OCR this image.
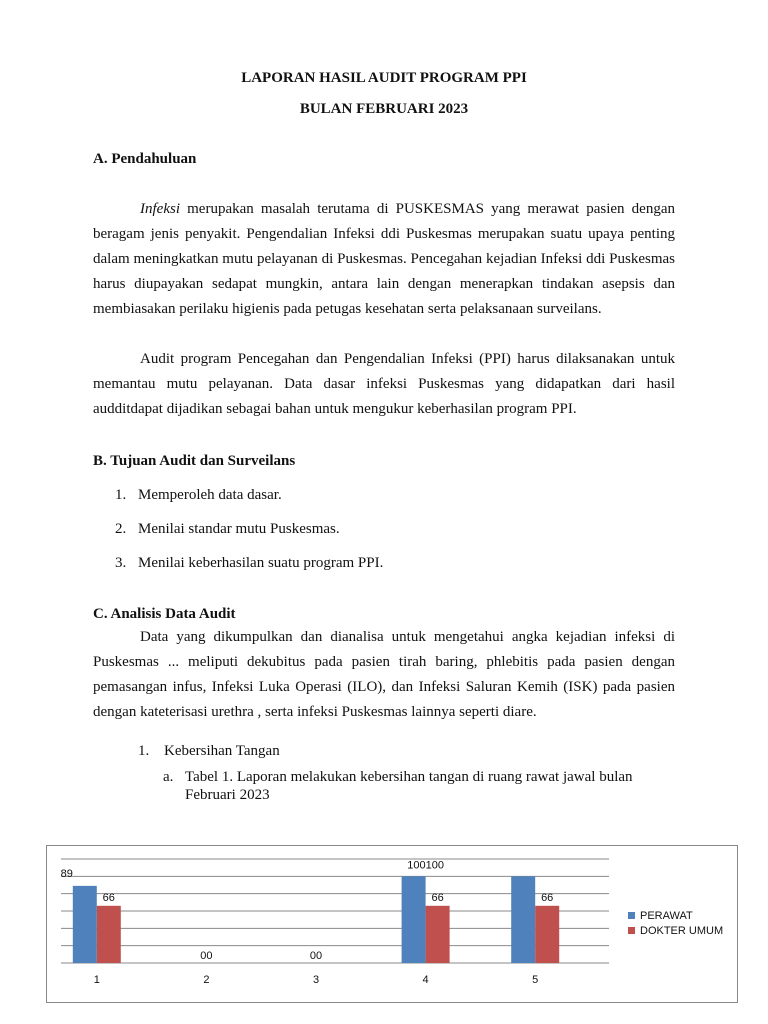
LAPORAN HASIL AUDIT PROGRAM PPI
BULAN FEBRUARI 2023
A. Pendahuluan

Infeksi merupakan masalah terutama di PUSKESMAS yang merawat pasien dengan beragam jenis penyakit. Pengendalian Infeksi ddi Puskesmas merupakan suatu upaya penting dalam meningkatkan mutu pelayanan di Puskesmas. Pencegahan kejadian Infeksi ddi Puskesmas harus diupayakan sedapat mungkin, antara lain dengan menerapkan tindakan asepsis dan membiasakan perilaku higienis pada petugas kesehatan serta pelaksanaan surveilans.

Audit program Pencegahan dan Pengendalian Infeksi (PPI) harus dilaksanakan untuk memantau mutu pelayanan. Data dasar infeksi Puskesmas yang didapatkan dari hasil audditdapat dijadikan sebagai bahan untuk mengukur keberhasilan program PPI.

B. Tujuan Audit dan Surveilans
1. Memperoleh data dasar.
2. Menilai standar mutu Puskesmas.
3. Menilai keberhasilan suatu program PPI.
C. Analisis Data Audit

Data yang dikumpulkan dan dianalisa untuk mengetahui angka kejadian infeksi di Puskesmas ... meliputi dekubitus pada pasien tirah baring, phlebitis pada pasien dengan pemasangan infus, Infeksi Luka Operasi (ILO), dan Infeksi Saluran Kemih (ISK) pada pasien dengan kateterisasi urethra , serta infeksi Puskesmas lainnya seperti diare.

1. Kebersihan Tangan
a. Tabel 1. Laporan melakukan kebersihan tangan di ruang rawat jawal bulan Februari 2023
1	2	3	4	5
89
66
00	00
100100
66	66
PERAWAT
DOKTER UMUM
